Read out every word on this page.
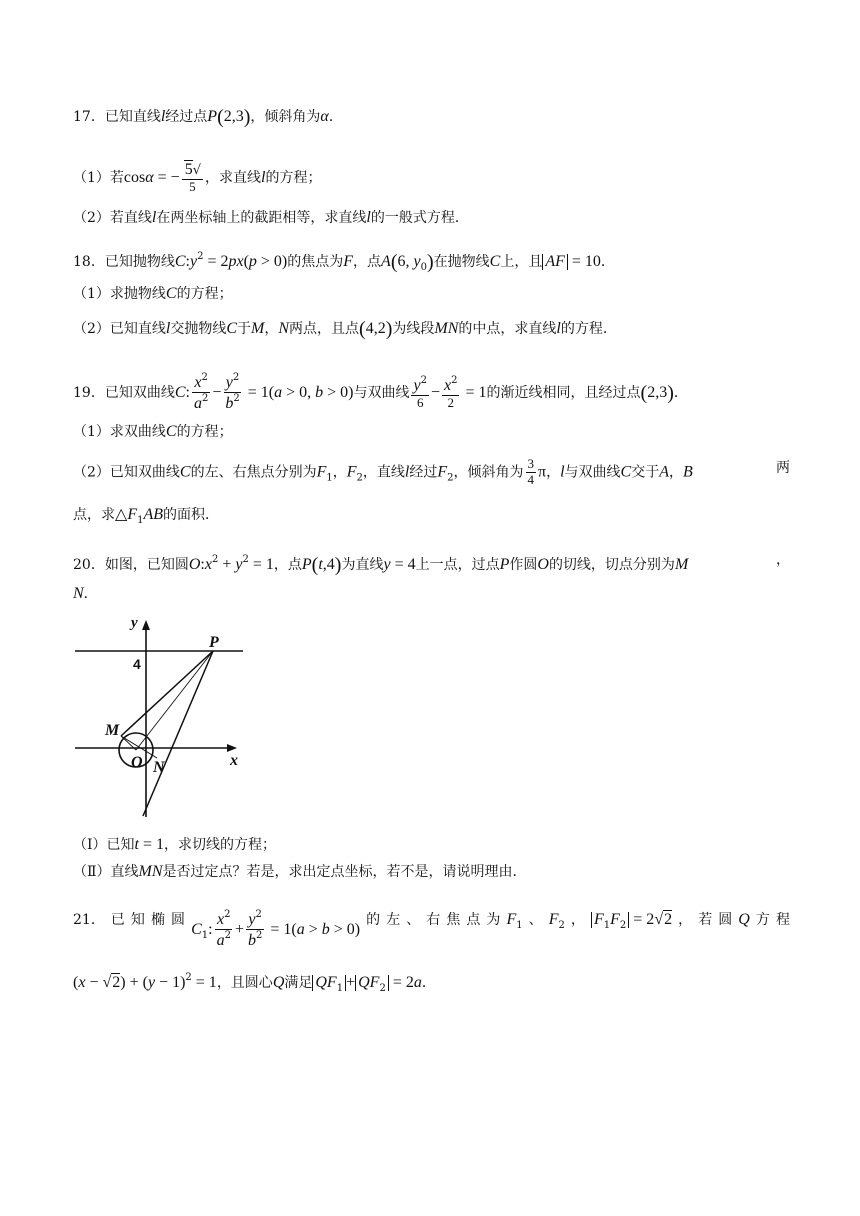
17．已知直线l经过点P(2,3)，倾斜角为α．
（1）若cosα = − $\frac{5√}{5}$ ，求直线l的方程；
（2）若直线l在两坐标轴上的截距相等，求直线l的一般式方程．
18．已知抛物线$C:y^2 = 2px(p > 0)$的焦点为F，点A(6, $y_0$)在抛物线C上，且 AF = 10．
（1）求抛物线C的方程；
（2）已知直线l交抛物线C于M，N两点，且点(4,2)为线段MN的中点，求直线l的方程．
19．已知双曲线C: $\frac{x^2}{a^2} - \frac{y^2}{b^2} = 1(a > 0$, b > 0)与双曲线 $\frac{y^2}{6} - \frac{x^2}{2} = 1$的渐近线相同，且经过点(2,3)．
（1）求双曲线C的方程；
（2）已知双曲线C的左、右焦点分别为$F_1$，$F_2$，直线l经过$F_2$，倾斜角为 $\frac{3}{4}$ π，l与双曲线C交于A，B	两
点，求$\triangle F_1AB$的面积．
20．如图，已知圆$O:x^2 + y^2 = 1$，点P(t,4)为直线y = 4上一点，过点P作圆O的切线，切点分别为M	，
N．
y
4
P
M
O N	x
（Ⅰ）已知t = 1，求切线的方程；
（Ⅱ）直线MN是否过定点？若是，求出定点坐标，若不是，请说明理由．
21． 已 知 椭 圆
$C_1$: $\frac{x^2}{a^2} + \frac{y^2}{b^2} = 1(a > b > 0)$
的 左 、 右 焦 点 为 $F_1$ 、 $F_2$ ， $F_1F_2 = 2√2$ ， 若 圆 Q 方 程
$(x - √2) + (y - 1)^2 = 1$，且圆心Q满足 $QF_1 + QF_2 = 2a$．
